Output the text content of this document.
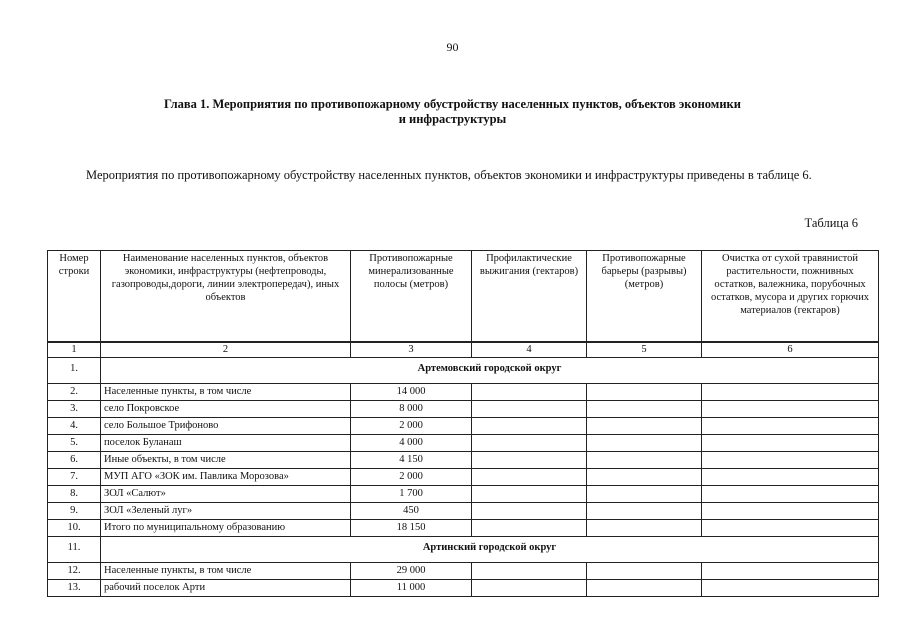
90
Глава 1. Мероприятия по противопожарному обустройству населенных пунктов, объектов экономики
и инфраструктуры
Мероприятия по противопожарному обустройству населенных пунктов, объектов экономики и инфраструктуры приведены в таблице 6.
Таблица 6
Номер строки	Наименование населенных пунктов, объектов экономики, инфраструктуры (нефтепроводы, газопроводы,дороги, линии электропередач), иных объектов	Противопожарные минерализованные полосы (метров)	Профилактические выжигания (гектаров)	Противопожарные барьеры (разрывы) (метров)	Очистка от сухой травянистой растительности, пожнивных остатков, валежника, порубочных остатков, мусора и других горючих материалов (гектаров)
1	2	3	4	5	6
1.	Артемовский городской округ				
2.	Населенные пункты, в том числе	14 000			
3.	село Покровское	8 000			
4.	село Большое Трифоново	2 000			
5.	поселок Буланаш	4 000			
6.	Иные объекты, в том числе	4 150			
7.	МУП АГО «ЗОК им. Павлика Морозова»	2 000			
8.	ЗОЛ «Салют»	1 700			
9.	ЗОЛ «Зеленый луг»	450			
10.	Итого по муниципальному образованию	18 150			
11.	Артинский городской округ				
12.	Населенные пункты, в том числе	29 000			
13.	рабочий поселок Арти	11 000			
